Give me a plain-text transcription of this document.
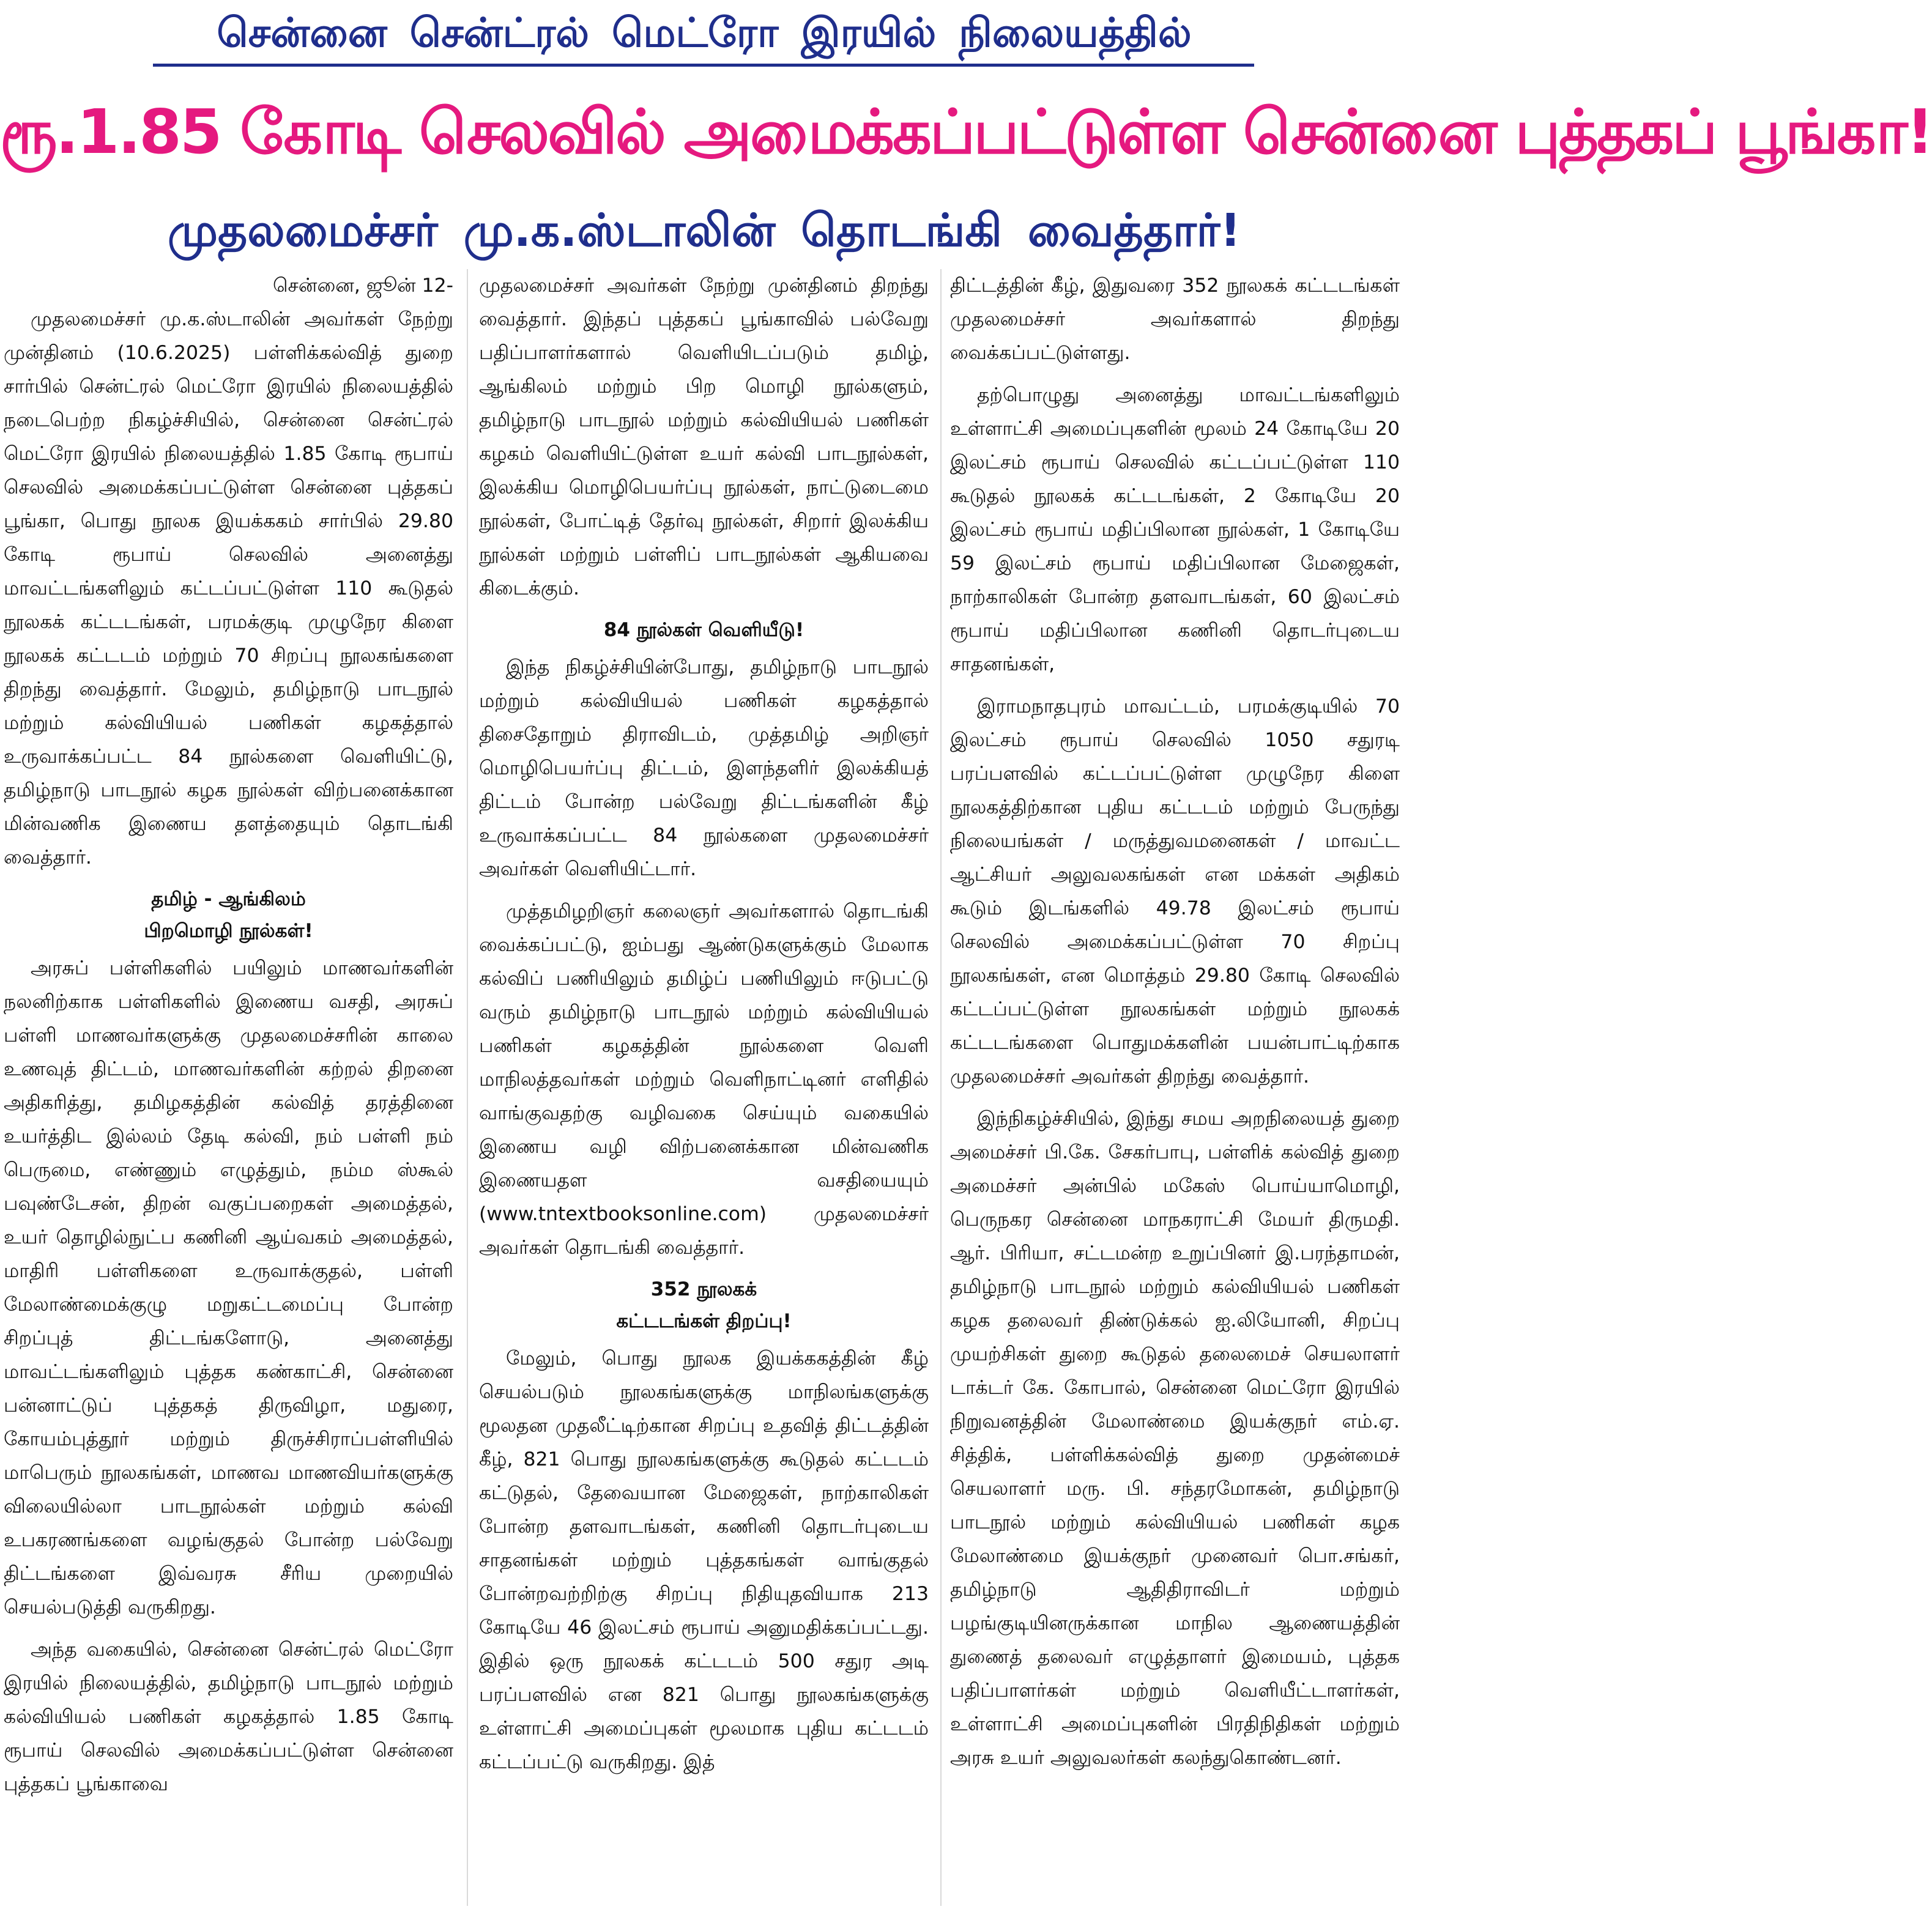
சென்னை சென்ட்ரல் மெட்ரோ இரயில் நிலையத்தில்
ரூ.1.85 கோடி செலவில் அமைக்கப்பட்டுள்ள சென்னை புத்தகப் பூங்கா!
முதலமைச்சர் மு.க.ஸ்டாலின் தொடங்கி வைத்தார்!

சென்னை, ஜூன் 12-

முதலமைச்சர் மு.க.ஸ்டாலின் அவர்கள் நேற்று முன்தினம் (10.6.2025) பள்ளிக்கல்வித் துறை சார்பில் சென்ட்ரல் மெட்ரோ இரயில் நிலையத்தில் நடைபெற்ற நிகழ்ச்சியில், சென்னை சென்ட்ரல் மெட்ரோ இரயில் நிலையத்தில் 1.85 கோடி ரூபாய் செலவில் அமைக்கப்பட்டுள்ள சென்னை புத்தகப் பூங்கா, பொது நூலக இயக்ககம் சார்பில் 29.80 கோடி ரூபாய் செலவில் அனைத்து மாவட்டங்களிலும் கட்டப்பட்டுள்ள 110 கூடுதல் நூலகக் கட்டடங்கள், பரமக்குடி முழுநேர கிளை நூலகக் கட்டடம் மற்றும் 70 சிறப்பு நூலகங்களை திறந்து வைத்தார். மேலும், தமிழ்நாடு பாடநூல் மற்றும் கல்வியியல் பணிகள் கழகத்தால் உருவாக்கப்பட்ட 84 நூல்களை வெளியிட்டு, தமிழ்நாடு பாடநூல் கழக நூல்கள் விற்பனைக்கான மின்வணிக இணைய தளத்தையும் தொடங்கி வைத்தார்.

தமிழ் - ஆங்கிலம்
பிறமொழி நூல்கள்!

அரசுப் பள்ளிகளில் பயிலும் மாணவர்களின் நலனிற்காக பள்ளிகளில் இணைய வசதி, அரசுப் பள்ளி மாணவர்களுக்கு முதலமைச்சரின் காலை உணவுத் திட்டம், மாணவர்களின் கற்றல் திறனை அதிகரித்து, தமிழகத்தின் கல்வித் தரத்தினை உயர்த்திட இல்லம் தேடி கல்வி, நம் பள்ளி நம் பெருமை, எண்ணும் எழுத்தும், நம்ம ஸ்கூல் பவுண்டேசன், திறன் வகுப்பறைகள் அமைத்தல், உயர் தொழில்நுட்ப கணினி ஆய்வகம் அமைத்தல், மாதிரி பள்ளிகளை உருவாக்குதல், பள்ளி மேலாண்மைக்குழு மறுகட்டமைப்பு போன்ற சிறப்புத் திட்டங்களோடு, அனைத்து மாவட்டங்களிலும் புத்தக கண்காட்சி, சென்னை பன்னாட்டுப் புத்தகத் திருவிழா, மதுரை, கோயம்புத்தூர் மற்றும் திருச்சிராப்பள்ளியில் மாபெரும் நூலகங்கள், மாணவ மாணவியர்களுக்கு விலையில்லா பாடநூல்கள் மற்றும் கல்வி உபகரணங்களை வழங்குதல் போன்ற பல்வேறு திட்டங்களை இவ்வரசு சீரிய முறையில் செயல்படுத்தி வருகிறது.

அந்த வகையில், சென்னை சென்ட்ரல் மெட்ரோ இரயில் நிலையத்தில், தமிழ்நாடு பாடநூல் மற்றும் கல்வியியல் பணிகள் கழகத்தால் 1.85 கோடி ரூபாய் செலவில் அமைக்கப்பட்டுள்ள சென்னை புத்தகப் பூங்காவை

முதலமைச்சர் அவர்கள் நேற்று முன்தினம் திறந்து வைத்தார். இந்தப் புத்தகப் பூங்காவில் பல்வேறு பதிப்பாளர்களால் வெளியிடப்படும் தமிழ், ஆங்கிலம் மற்றும் பிற மொழி நூல்களும், தமிழ்நாடு பாடநூல் மற்றும் கல்வியியல் பணிகள் கழகம் வெளியிட்டுள்ள உயர் கல்வி பாடநூல்கள், இலக்கிய மொழிபெயர்ப்பு நூல்கள், நாட்டுடைமை நூல்கள், போட்டித் தேர்வு நூல்கள், சிறார் இலக்கிய நூல்கள் மற்றும் பள்ளிப் பாடநூல்கள் ஆகியவை கிடைக்கும்.

84 நூல்கள் வெளியீடு!

இந்த நிகழ்ச்சியின்போது, தமிழ்நாடு பாடநூல் மற்றும் கல்வியியல் பணிகள் கழகத்தால் திசைதோறும் திராவிடம், முத்தமிழ் அறிஞர் மொழிபெயர்ப்பு திட்டம், இளந்தளிர் இலக்கியத் திட்டம் போன்ற பல்வேறு திட்டங்களின் கீழ் உருவாக்கப்பட்ட 84 நூல்களை முதலமைச்சர் அவர்கள் வெளியிட்டார்.

முத்தமிழறிஞர் கலைஞர் அவர்களால் தொடங்கி வைக்கப்பட்டு, ஐம்பது ஆண்டுகளுக்கும் மேலாக கல்விப் பணியிலும் தமிழ்ப் பணியிலும் ஈடுபட்டு வரும் தமிழ்நாடு பாடநூல் மற்றும் கல்வியியல் பணிகள் கழகத்தின் நூல்களை வெளி மாநிலத்தவர்கள் மற்றும் வெளிநாட்டினர் எளிதில் வாங்குவதற்கு வழிவகை செய்யும் வகையில் இணைய வழி விற்பனைக்கான மின்வணிக இணையதள வசதியையும் (www.tntextbooksonline.com) முதலமைச்சர் அவர்கள் தொடங்கி வைத்தார்.

352 நூலகக்
கட்டடங்கள் திறப்பு!

மேலும், பொது நூலக இயக்ககத்தின் கீழ் செயல்படும் நூலகங்களுக்கு மாநிலங்களுக்கு மூலதன முதலீட்டிற்கான சிறப்பு உதவித் திட்டத்தின் கீழ், 821 பொது நூலகங்களுக்கு கூடுதல் கட்டடம் கட்டுதல், தேவையான மேஜைகள், நாற்காலிகள் போன்ற தளவாடங்கள், கணினி தொடர்புடைய சாதனங்கள் மற்றும் புத்தகங்கள் வாங்குதல் போன்றவற்றிற்கு சிறப்பு நிதியுதவியாக 213 கோடியே 46 இலட்சம் ரூபாய் அனுமதிக்கப்பட்டது. இதில் ஒரு நூலகக் கட்டடம் 500 சதுர அடி பரப்பளவில் என 821 பொது நூலகங்களுக்கு உள்ளாட்சி அமைப்புகள் மூலமாக புதிய கட்டடம் கட்டப்பட்டு வருகிறது. இத்

திட்டத்தின் கீழ், இதுவரை 352 நூலகக் கட்டடங்கள் முதலமைச்சர் அவர்களால் திறந்து வைக்கப்பட்டுள்ளது.

தற்பொழுது அனைத்து மாவட்டங்களிலும் உள்ளாட்சி அமைப்புகளின் மூலம் 24 கோடியே 20 இலட்சம் ரூபாய் செலவில் கட்டப்பட்டுள்ள 110 கூடுதல் நூலகக் கட்டடங்கள், 2 கோடியே 20 இலட்சம் ரூபாய் மதிப்பிலான நூல்கள், 1 கோடியே 59 இலட்சம் ரூபாய் மதிப்பிலான மேஜைகள், நாற்காலிகள் போன்ற தளவாடங்கள், 60 இலட்சம் ரூபாய் மதிப்பிலான கணினி தொடர்புடைய சாதனங்கள்,

இராமநாதபுரம் மாவட்டம், பரமக்குடியில் 70 இலட்சம் ரூபாய் செலவில் 1050 சதுரடி பரப்பளவில் கட்டப்பட்டுள்ள முழுநேர கிளை நூலகத்திற்கான புதிய கட்டடம் மற்றும் பேருந்து நிலையங்கள் / மருத்துவமனைகள் / மாவட்ட ஆட்சியர் அலுவலகங்கள் என மக்கள் அதிகம் கூடும் இடங்களில் 49.78 இலட்சம் ரூபாய் செலவில் அமைக்கப்பட்டுள்ள 70 சிறப்பு நூலகங்கள், என மொத்தம் 29.80 கோடி செலவில் கட்டப்பட்டுள்ள நூலகங்கள் மற்றும் நூலகக் கட்டடங்களை பொதுமக்களின் பயன்பாட்டிற்காக முதலமைச்சர் அவர்கள் திறந்து வைத்தார்.

இந்நிகழ்ச்சியில், இந்து சமய அறநிலையத் துறை அமைச்சர் பி.கே. சேகர்பாபு, பள்ளிக் கல்வித் துறை அமைச்சர் அன்பில் மகேஸ் பொய்யாமொழி, பெருநகர சென்னை மாநகராட்சி மேயர் திருமதி. ஆர். பிரியா, சட்டமன்ற உறுப்பினர் இ.பரந்தாமன், தமிழ்நாடு பாடநூல் மற்றும் கல்வியியல் பணிகள் கழக தலைவர் திண்டுக்கல் ஐ.லியோனி, சிறப்பு முயற்சிகள் துறை கூடுதல் தலைமைச் செயலாளர் டாக்டர் கே. கோபால், சென்னை மெட்ரோ இரயில் நிறுவனத்தின் மேலாண்மை இயக்குநர் எம்.ஏ. சித்திக், பள்ளிக்கல்வித் துறை முதன்மைச் செயலாளர் மரு. பி. சந்தரமோகன், தமிழ்நாடு பாடநூல் மற்றும் கல்வியியல் பணிகள் கழக மேலாண்மை இயக்குநர் முனைவர் பொ.சங்கர், தமிழ்நாடு ஆதிதிராவிடர் மற்றும் பழங்குடியினருக்கான மாநில ஆணையத்தின் துணைத் தலைவர் எழுத்தாளர் இமையம், புத்தக பதிப்பாளர்கள் மற்றும் வெளியீட்டாளர்கள், உள்ளாட்சி அமைப்புகளின் பிரதிநிதிகள் மற்றும் அரசு உயர் அலுவலர்கள் கலந்துகொண்டனர்.
